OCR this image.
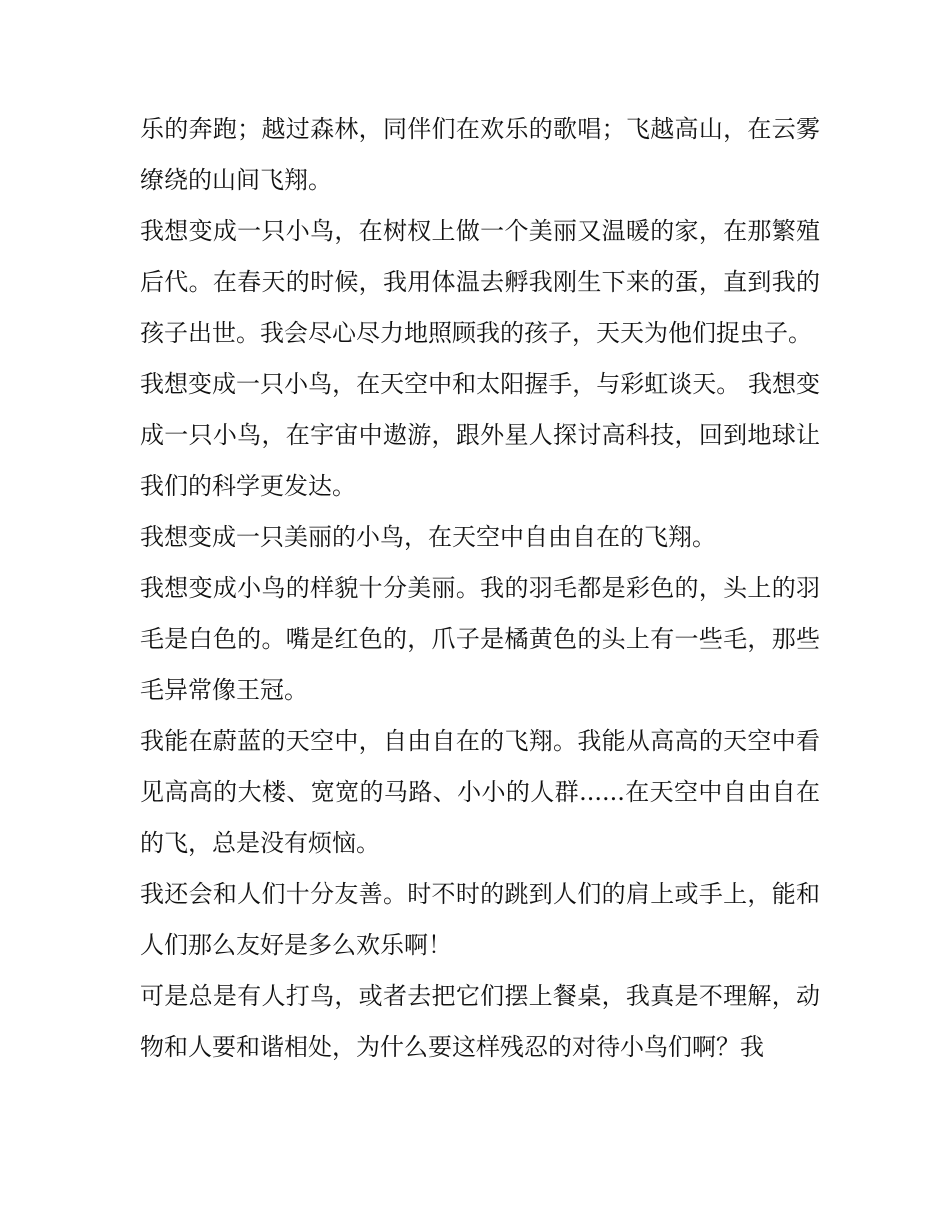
乐的奔跑；越过森林，同伴们在欢乐的歌唱；飞越高山，在云雾缭绕的山间飞翔。

我想变成一只小鸟，在树杈上做一个美丽又温暖的家，在那繁殖后代。在春天的时候，我用体温去孵我刚生下来的蛋，直到我的孩子出世。我会尽心尽力地照顾我的孩子，天天为他们捉虫子。

我想变成一只小鸟，在天空中和太阳握手，与彩虹谈天。 我想变成一只小鸟，在宇宙中遨游，跟外星人探讨高科技，回到地球让我们的科学更发达。

我想变成一只美丽的小鸟，在天空中自由自在的飞翔。

我想变成小鸟的样貌十分美丽。我的羽毛都是彩色的，头上的羽毛是白色的。嘴是红色的，爪子是橘黄色的头上有一些毛，那些毛异常像王冠。

我能在蔚蓝的天空中，自由自在的飞翔。我能从高高的天空中看见高高的大楼、宽宽的马路、小小的人群......在天空中自由自在的飞，总是没有烦恼。

我还会和人们十分友善。时不时的跳到人们的肩上或手上，能和人们那么友好是多么欢乐啊！

可是总是有人打鸟，或者去把它们摆上餐桌，我真是不理解，动物和人要和谐相处，为什么要这样残忍的对待小鸟们啊？我
